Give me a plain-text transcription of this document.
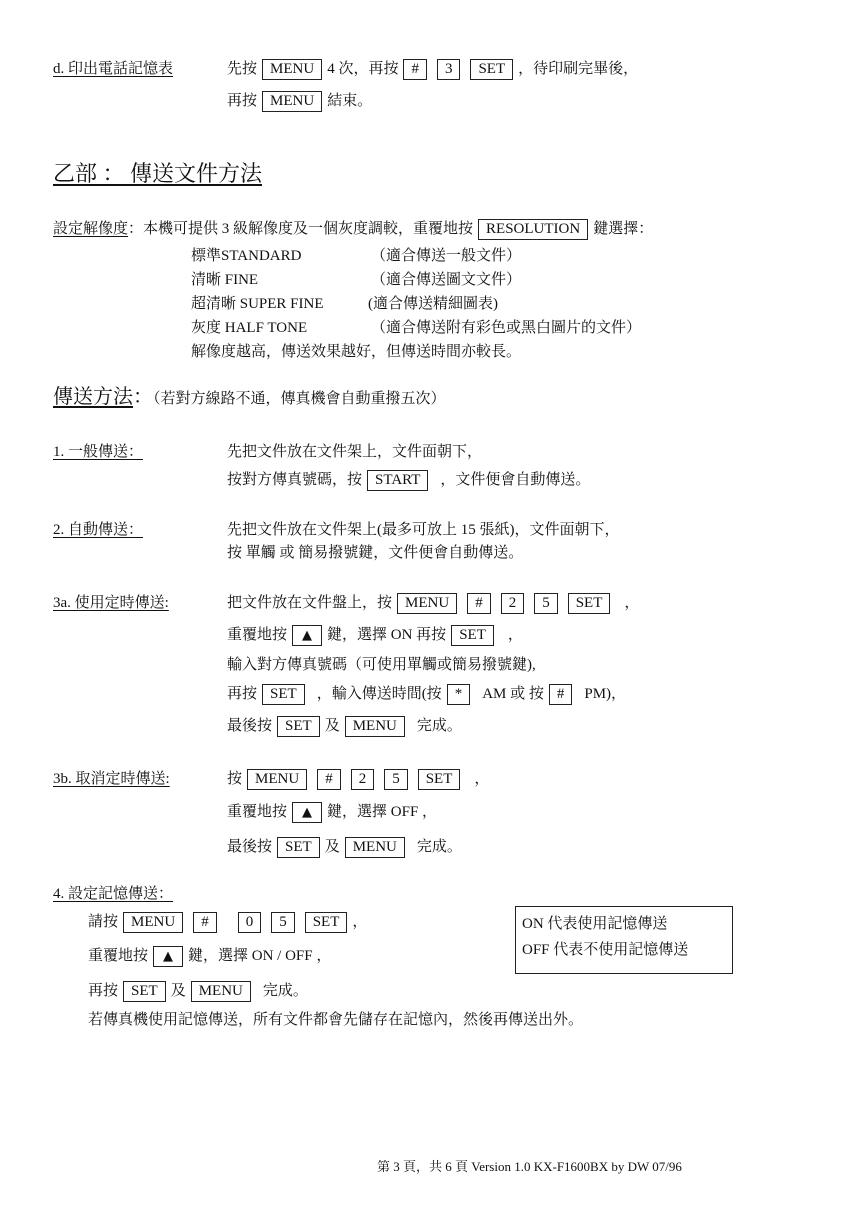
d. 印出電話記憶表	先按 MENU 4 次，再按 # 3 SET ，待印刷完畢後，
再按 MENU 結束。
乙部 ： 傳送文件方法
設定解像度：本機可提供 3 級解像度及一個灰度調較，重覆地按 RESOLUTION 鍵選擇：
標準STANDARD	（適合傳送一般文件）
清晰 FINE	（適合傳送圖文文件）
超清晰 SUPER FINE	(適合傳送精細圖表)
灰度 HALF TONE	（適合傳送附有彩色或黑白圖片的文件）
解像度越高，傳送效果越好，但傳送時間亦較長。
傳送方法：（若對方線路不通，傳真機會自動重撥五次）
1. 一般傳送：	先把文件放在文件架上，文件面朝下，
按對方傳真號碼，按 START ，文件便會自動傳送。
2. 自動傳送：	先把文件放在文件架上(最多可放上 15 張紙)，文件面朝下，
按 單觸 或 簡易撥號鍵，文件便會自動傳送。
3a. 使用定時傳送:	把文件放在文件盤上，按 MENU # 2 5 SET ，
重覆地按 ▲ 鍵，選擇 ON 再按 SET ，
輸入對方傳真號碼（可使用單觸或簡易撥號鍵),
再按 SET ，輸入傳送時間(按 * AM 或 按 # PM)，
最後按 SET 及 MENU 完成。
3b. 取消定時傳送:	按 MENU # 2 5 SET ，
重覆地按 ▲ 鍵，選擇 OFF ，
最後按 SET 及 MENU 完成。
4. 設定記憶傳送：
請按 MENU # 0 5 SET ，
重覆地按 ▲ 鍵，選擇 ON / OFF ，
再按 SET 及 MENU 完成。
若傳真機使用記憶傳送，所有文件都會先儲存在記憶內，然後再傳送出外。
ON 代表使用記憶傳送
OFF 代表不使用記憶傳送
第 3 頁，共 6 頁 Version 1.0 KX-F1600BX by DW 07/96
